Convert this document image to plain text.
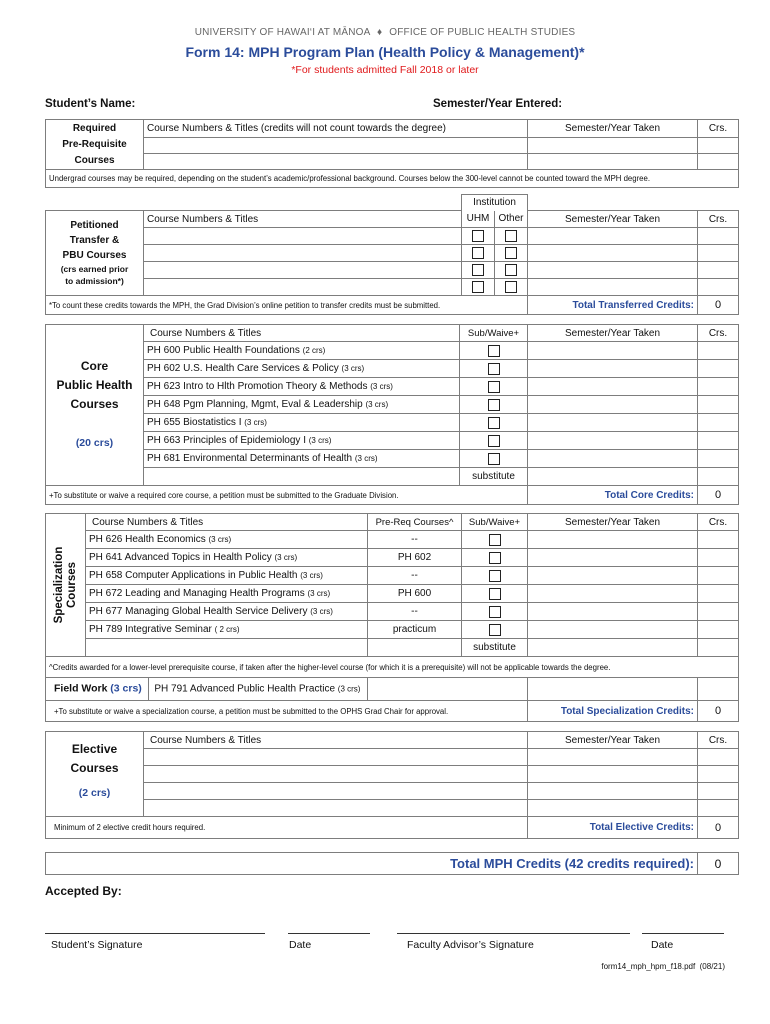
UNIVERSITY OF HAWAI‘I AT MĀNOA ♦ OFFICE OF PUBLIC HEALTH STUDIES
Form 14: MPH Program Plan (Health Policy & Management)*
*For students admitted Fall 2018 or later
Student’s Name:	Semester/Year Entered:
Required
Pre-Requisite
Courses	Course Numbers & Titles (credits will not count towards the degree)	Semester/Year Taken	Crs.

Undergrad courses may be required, depending on the student’s academic/professional background. Courses below the 300-level cannot be counted toward the MPH degree.			
		Institution			
Petitioned
Transfer &
PBU Courses
(crs earned prior
to admission*)	Course Numbers & Titles	UHM	Other	Semester/Year Taken	Crs.

*To count these credits towards the MPH, the Grad Division’s online petition to transfer credits must be submitted.				Total Transferred Credits:	0
Core
Public Health
Courses

(20 crs)	Course Numbers & Titles	Sub/Waive+	Semester/Year Taken	Crs.
	PH 600 Public Health Foundations (2 crs)			
	PH 602 U.S. Health Care Services & Policy (3 crs)			
	PH 623 Intro to Hlth Promotion Theory & Methods (3 crs)			
	PH 648 Pgm Planning, Mgmt, Eval & Leadership (3 crs)			
	PH 655 Biostatistics I (3 crs)			
	PH 663 Principles of Epidemiology I (3 crs)			
	PH 681 Environmental Determinants of Health (3 crs)			
		substitute		
+To substitute or waive a required core course, a petition must be submitted to the Graduate Division.			Total Core Credits:	0
Specialization
Courses	Course Numbers & Titles	Pre-Req Courses^	Sub/Waive+	Semester/Year Taken	Crs.
	PH 626 Health Economics (3 crs)	--			
	PH 641 Advanced Topics in Health Policy (3 crs)	PH 602			
	PH 658 Computer Applications in Public Health (3 crs)	--			
	PH 672 Leading and Managing Health Programs (3 crs)	PH 600			
	PH 677 Managing Global Health Service Delivery (3 crs)	--			
	PH 789 Integrative Seminar ( 2 crs)	practicum			
			substitute		
^Credits awarded for a lower-level prerequisite course, if taken after the higher-level course (for which it is a prerequisite) will not be applicable towards the degree.					
Field Work (3 crs) PH 791 Advanced Public Health Practice (3 crs)					
+To substitute or waive a specialization course, a petition must be submitted to the OPHS Grad Chair for approval.				Total Specialization Credits:	0
Elective
Courses
(2 crs)	Course Numbers & Titles	Semester/Year Taken	Crs.

Minimum of 2 elective credit hours required.		Total Elective Credits:	0
Total MPH Credits (42 credits required):	0
Accepted By:
Student’s Signature	Date	Faculty Advisor’s Signature	Date
form14_mph_hpm_f18.pdf  (08/21)
